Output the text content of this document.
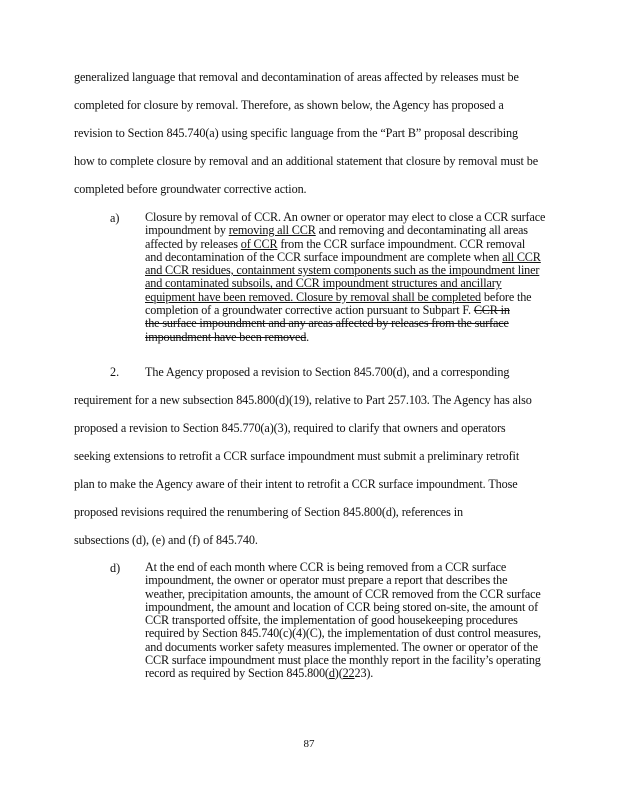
generalized language that removal and decontamination of areas affected by releases must be
completed for closure by removal. Therefore, as shown below, the Agency has proposed a
revision to Section 845.740(a) using specific language from the “Part B” proposal describing
how to complete closure by removal and an additional statement that closure by removal must be
completed before groundwater corrective action.
a) Closure by removal of CCR. An owner or operator may elect to close a CCR surface
impoundment by removing all CCR and removing and decontaminating all areas
affected by releases of CCR from the CCR surface impoundment. CCR removal
and decontamination of the CCR surface impoundment are complete when all CCR
and CCR residues, containment system components such as the impoundment liner
and contaminated subsoils, and CCR impoundment structures and ancillary
equipment have been removed. Closure by removal shall be completed before the
completion of a groundwater corrective action pursuant to Subpart F. CCR in
the surface impoundment and any areas affected by releases from the surface
impoundment have been removed.
2. The Agency proposed a revision to Section 845.700(d), and a corresponding
requirement for a new subsection 845.800(d)(19), relative to Part 257.103. The Agency has also
proposed a revision to Section 845.770(a)(3), required to clarify that owners and operators
seeking extensions to retrofit a CCR surface impoundment must submit a preliminary retrofit
plan to make the Agency aware of their intent to retrofit a CCR surface impoundment. Those
proposed revisions required the renumbering of Section 845.800(d), references in
subsections (d), (e) and (f) of 845.740.
d) At the end of each month where CCR is being removed from a CCR surface
impoundment, the owner or operator must prepare a report that describes the
weather, precipitation amounts, the amount of CCR removed from the CCR surface
impoundment, the amount and location of CCR being stored on-site, the amount of
CCR transported offsite, the implementation of good housekeeping procedures
required by Section 845.740(c)(4)(C), the implementation of dust control measures,
and documents worker safety measures implemented. The owner or operator of the
CCR surface impoundment must place the monthly report in the facility’s operating
record as required by Section 845.800(d)(2223).
87
